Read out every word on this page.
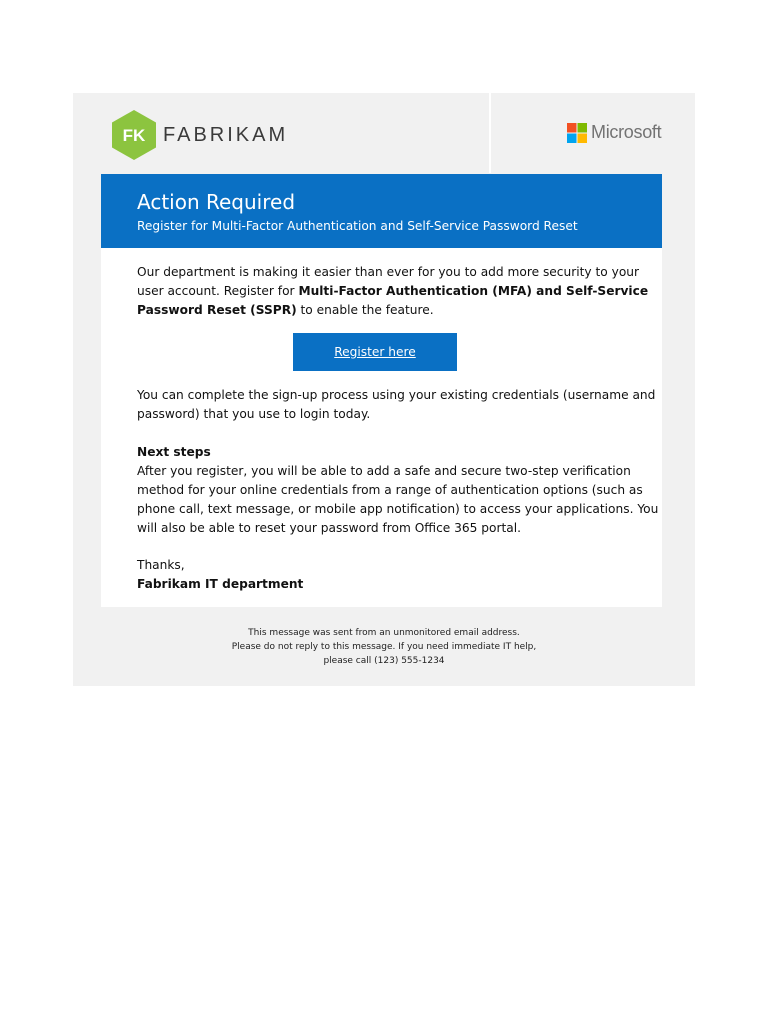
FK FABRIKAM	Microsoft
Action Required
Register for Multi-Factor Authentication and Self-Service Password Reset
Our department is making it easier than ever for you to add more security to your
user account. Register for Multi-Factor Authentication (MFA) and Self-Service
Password Reset (SSPR) to enable the feature.
Register here
You can complete the sign-up process using your existing credentials (username and
password) that you use to login today.
Next steps
After you register, you will be able to add a safe and secure two-step verification
method for your online credentials from a range of authentication options (such as
phone call, text message, or mobile app notification) to access your applications. You
will also be able to reset your password from Office 365 portal.
Thanks,
Fabrikam IT department
This message was sent from an unmonitored email address.
Please do not reply to this message. If you need immediate IT help,
please call (123) 555-1234
